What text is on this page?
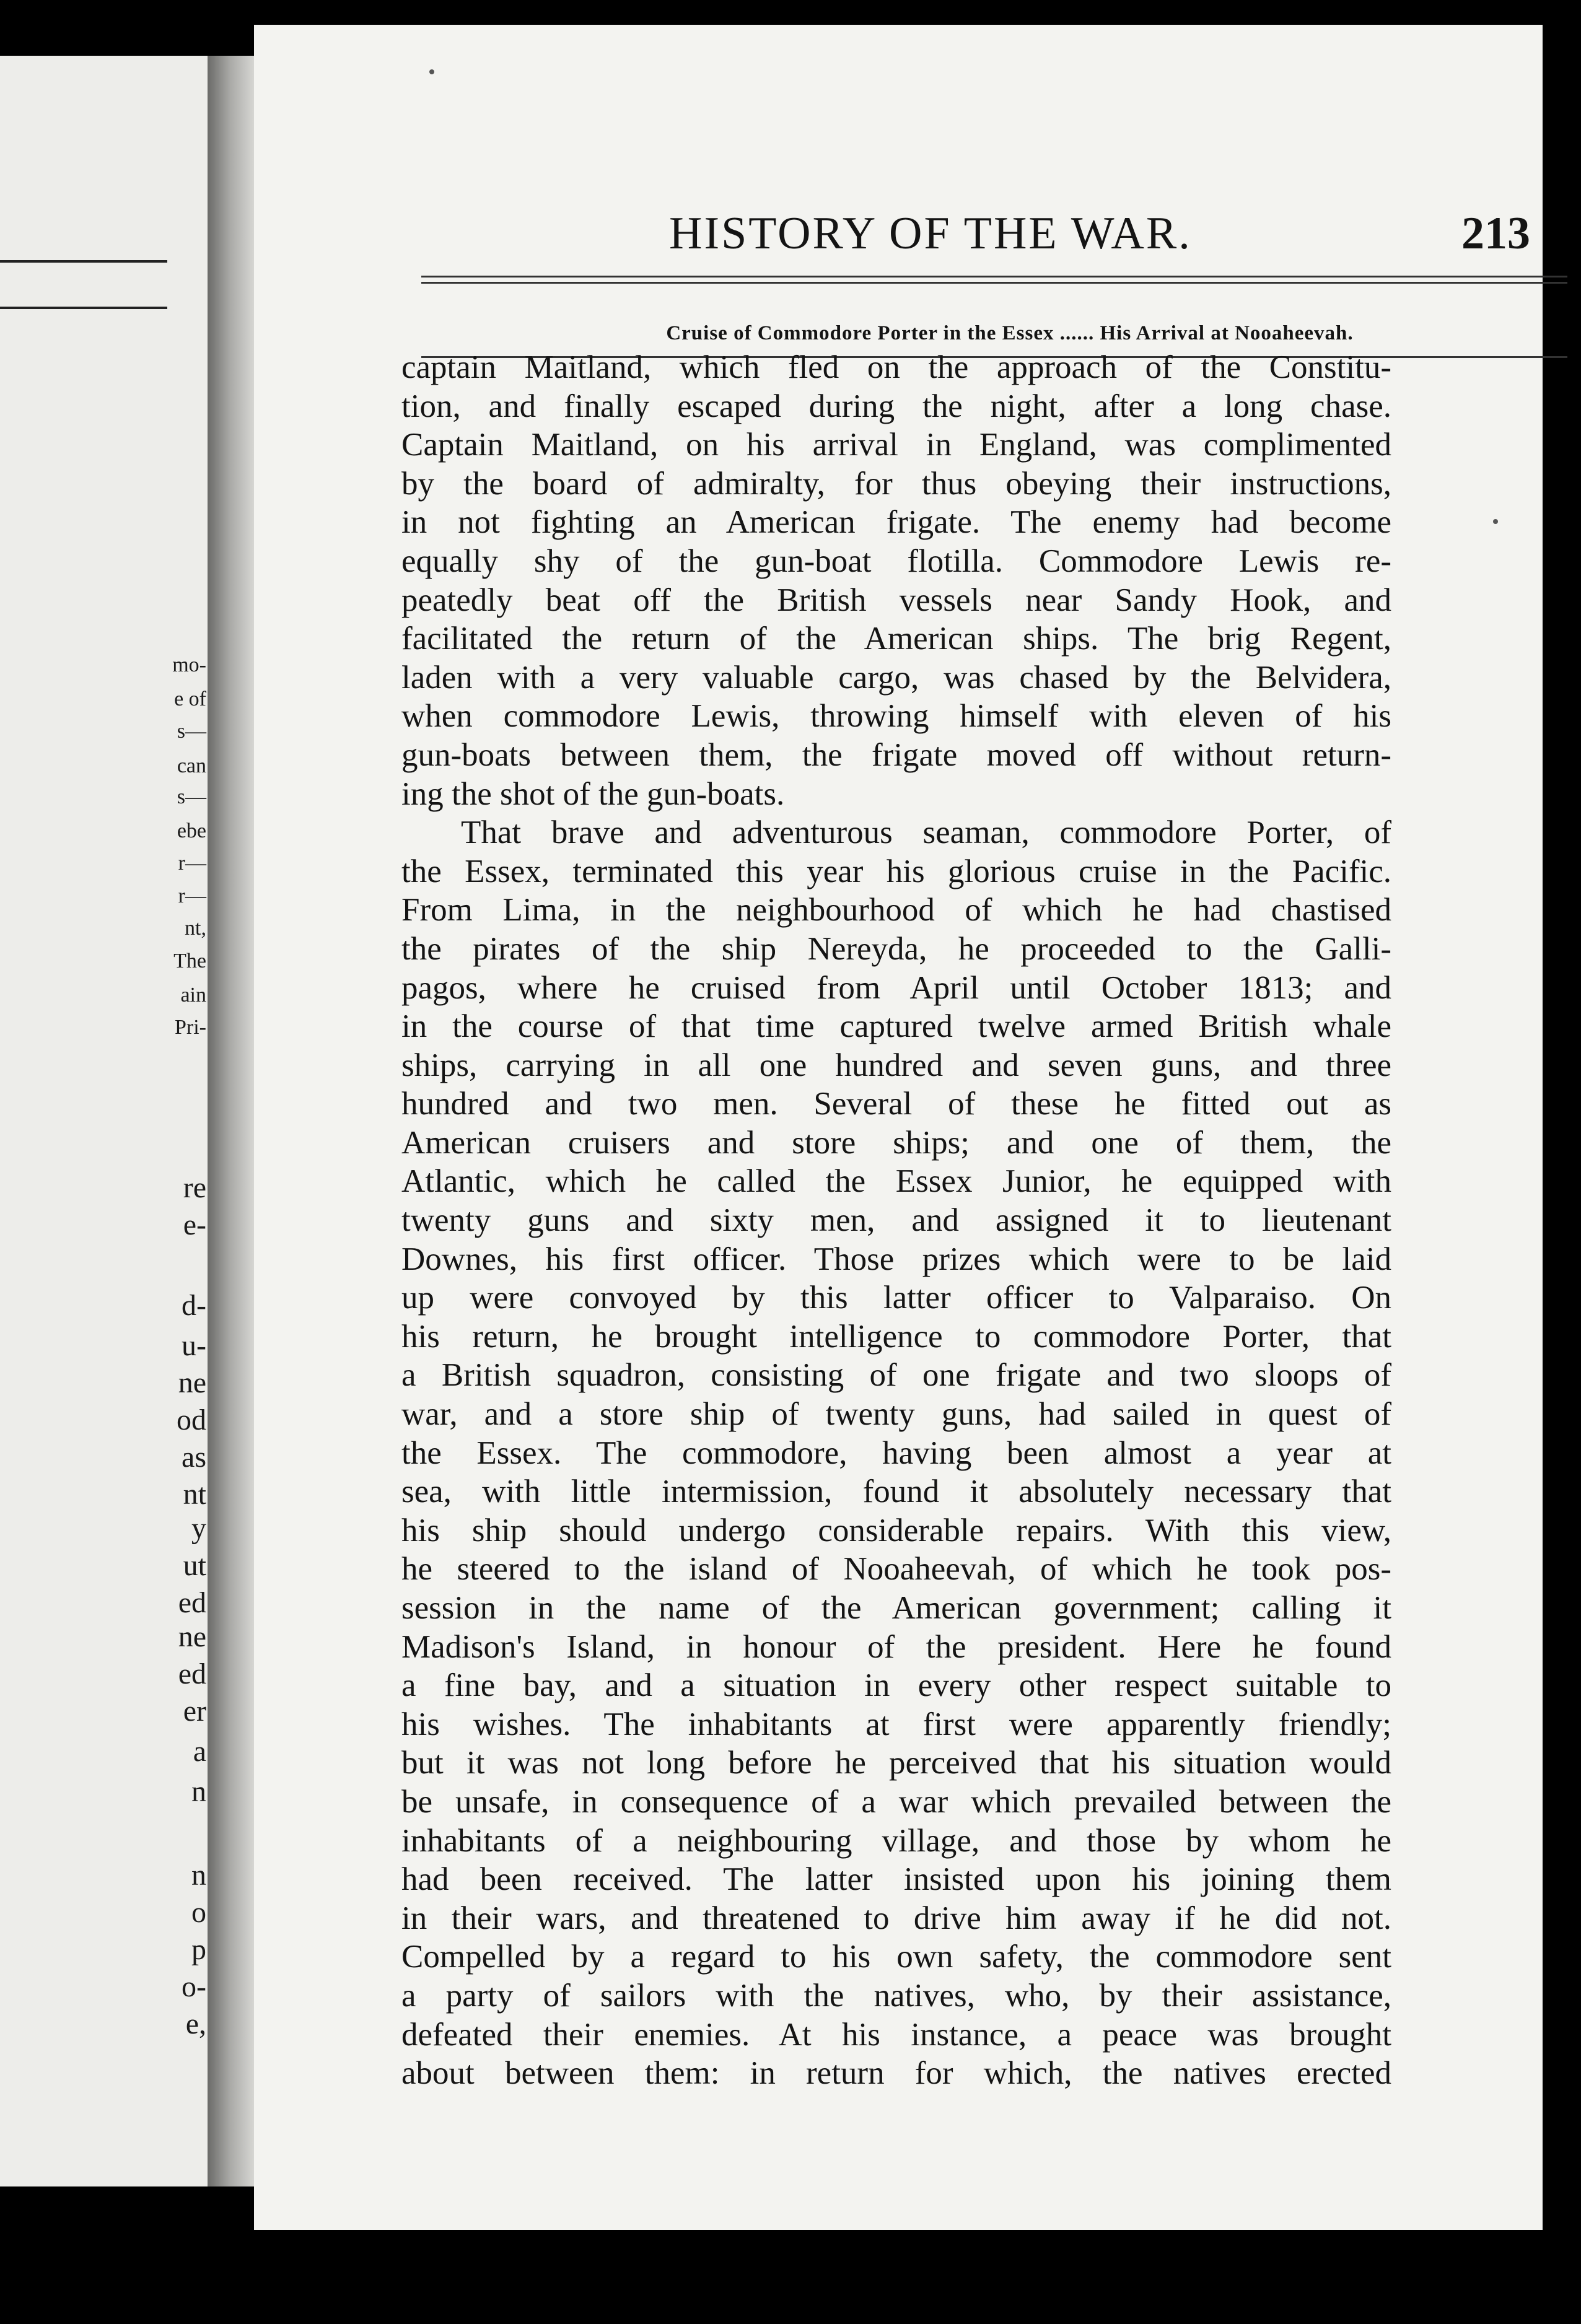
mo-
e of
s—
can
s—
ebe
r—
r—
nt,
The
ain
Pri-
re
e-
d-
u-
ne
od
as
nt
y
ut
ed
ne
ed
er
a
n
n
o
p
o-
e,
HISTORY OF THE WAR.	213
Cruise of Commodore Porter in the Essex ...... His Arrival at Nooaheevah.
captain Maitland, which fled on the approach of the Constitu-
tion, and finally escaped during the night, after a long chase.
Captain Maitland, on his arrival in England, was complimented
by the board of admiralty, for thus obeying their instructions,
in not fighting an American frigate. The enemy had become
equally shy of the gun-boat flotilla. Commodore Lewis re-
peatedly beat off the British vessels near Sandy Hook, and
facilitated the return of the American ships. The brig Regent,
laden with a very valuable cargo, was chased by the Belvidera,
when commodore Lewis, throwing himself with eleven of his
gun-boats between them, the frigate moved off without return-
ing the shot of the gun-boats.
That brave and adventurous seaman, commodore Porter, of
the Essex, terminated this year his glorious cruise in the Pacific.
From Lima, in the neighbourhood of which he had chastised
the pirates of the ship Nereyda, he proceeded to the Galli-
pagos, where he cruised from April until October 1813; and
in the course of that time captured twelve armed British whale
ships, carrying in all one hundred and seven guns, and three
hundred and two men. Several of these he fitted out as
American cruisers and store ships; and one of them, the
Atlantic, which he called the Essex Junior, he equipped with
twenty guns and sixty men, and assigned it to lieutenant
Downes, his first officer. Those prizes which were to be laid
up were convoyed by this latter officer to Valparaiso. On
his return, he brought intelligence to commodore Porter, that
a British squadron, consisting of one frigate and two sloops of
war, and a store ship of twenty guns, had sailed in quest of
the Essex. The commodore, having been almost a year at
sea, with little intermission, found it absolutely necessary that
his ship should undergo considerable repairs. With this view,
he steered to the island of Nooaheevah, of which he took pos-
session in the name of the American government; calling it
Madison's Island, in honour of the president. Here he found
a fine bay, and a situation in every other respect suitable to
his wishes. The inhabitants at first were apparently friendly;
but it was not long before he perceived that his situation would
be unsafe, in consequence of a war which prevailed between the
inhabitants of a neighbouring village, and those by whom he
had been received. The latter insisted upon his joining them
in their wars, and threatened to drive him away if he did not.
Compelled by a regard to his own safety, the commodore sent
a party of sailors with the natives, who, by their assistance,
defeated their enemies. At his instance, a peace was brought
about between them: in return for which, the natives erected
